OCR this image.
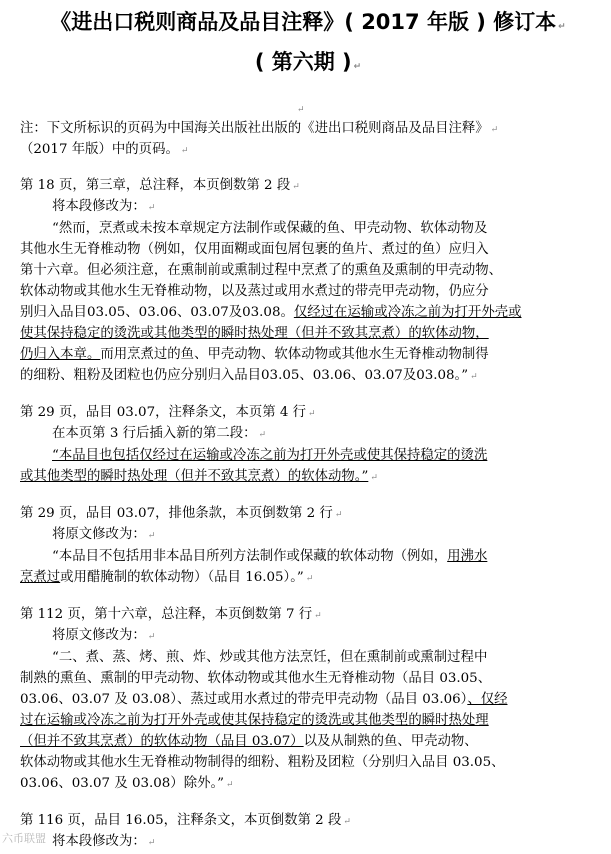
《进出口税则商品及品目注释》( 2017 年版 ) 修订本 ↵
( 第六期 ) ↵
↵
注：下文所标识的页码为中国海关出版社出版的《进出口税则商品及品目注释》 ↵
（2017 年版）中的页码。 ↵
第 18 页，第三章，总注释，本页倒数第 2 段 ↵
将本段修改为： ↵
“然而，烹煮或未按本章规定方法制作或保藏的鱼、甲壳动物、软体动物及
其他水生无脊椎动物（例如，仅用面糊或面包屑包裹的鱼片、煮过的鱼）应归入
第十六章。但必须注意，在熏制前或熏制过程中烹煮了的熏鱼及熏制的甲壳动物、
软体动物或其他水生无脊椎动物，以及蒸过或用水煮过的带壳甲壳动物，仍应分
别归入品目03.05、03.06、03.07及03.08。仅经过在运输或冷冻之前为打开外壳或
使其保持稳定的烫洗或其他类型的瞬时热处理（但并不致其烹煮）的软体动物，
仍归入本章。而用烹煮过的鱼、甲壳动物、软体动物或其他水生无脊椎动物制得
的细粉、粗粉及团粒也仍应分别归入品目03.05、03.06、03.07及03.08。” ↵
第 29 页，品目 03.07，注释条文，本页第 4 行 ↵
在本页第 3 行后插入新的第二段： ↵
“本品目也包括仅经过在运输或冷冻之前为打开外壳或使其保持稳定的烫洗
或其他类型的瞬时热处理（但并不致其烹煮）的软体动物。” ↵
第 29 页，品目 03.07，排他条款，本页倒数第 2 行 ↵
将原文修改为： ↵
“本品目不包括用非本品目所列方法制作或保藏的软体动物（例如，用沸水
烹煮过或用醋腌制的软体动物）（品目 16.05）。” ↵
第 112 页，第十六章，总注释，本页倒数第 7 行 ↵
将原文修改为： ↵
“二、煮、蒸、烤、煎、炸、炒或其他方法烹饪，但在熏制前或熏制过程中
制熟的熏鱼、熏制的甲壳动物、软体动物或其他水生无脊椎动物（品目 03.05、
03.06、03.07 及 03.08）、蒸过或用水煮过的带壳甲壳动物（品目 03.06）、仅经
过在运输或冷冻之前为打开外壳或使其保持稳定的烫洗或其他类型的瞬时热处理
（但并不致其烹煮）的软体动物（品目 03.07）以及从制熟的鱼、甲壳动物、
软体动物或其他水生无脊椎动物制得的细粉、粗粉及团粒（分别归入品目 03.05、
03.06、03.07 及 03.08）除外。” ↵
第 116 页，品目 16.05，注释条文，本页倒数第 2 段 ↵
将本段修改为： ↵
六币联盟
